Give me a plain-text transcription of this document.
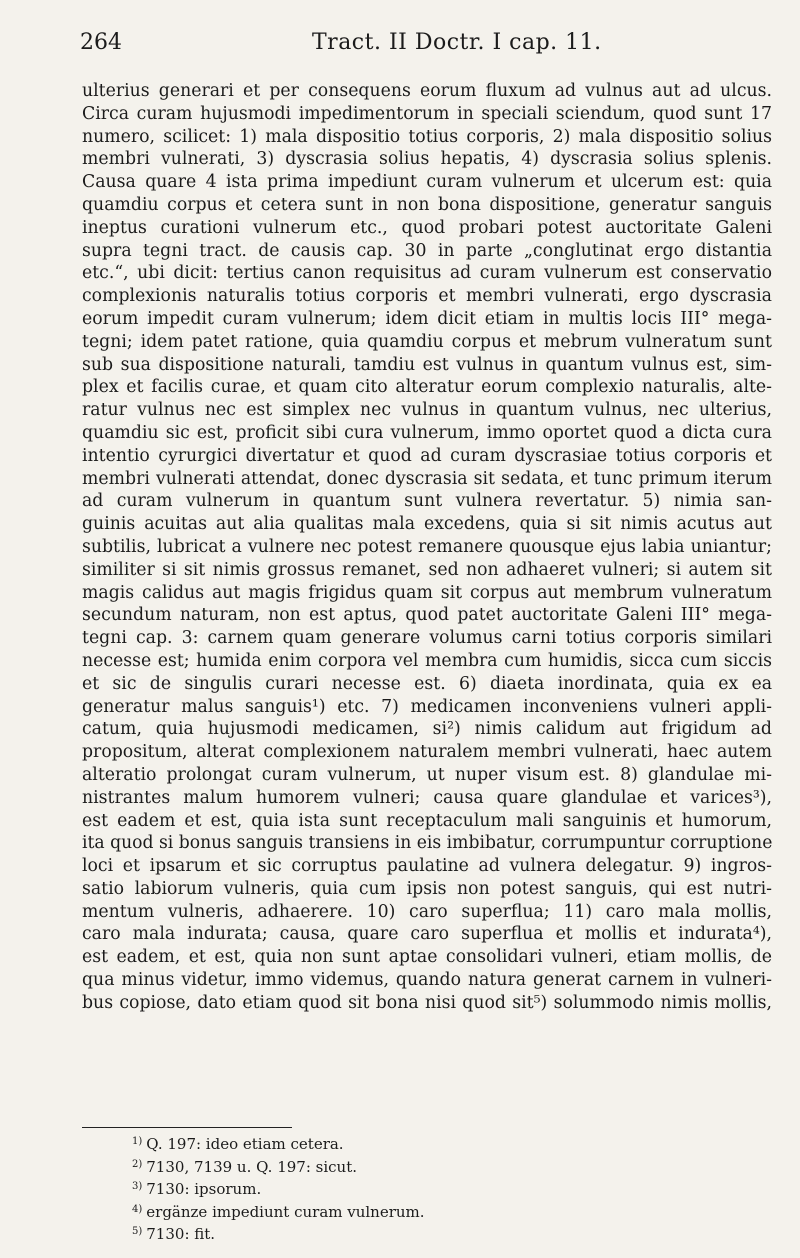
264	Tract. II Doctr. I cap. 11.
ulterius generari et per consequens eorum fluxum ad vulnus aut ad ulcus.
Circa curam hujusmodi impedimentorum in speciali sciendum, quod sunt 17
numero, scilicet: 1) mala dispositio totius corporis, 2) mala dispositio solius
membri vulnerati, 3) dyscrasia solius hepatis, 4) dyscrasia solius splenis.
Causa quare 4 ista prima impediunt curam vulnerum et ulcerum est: quia
quamdiu corpus et cetera sunt in non bona dispositione, generatur sanguis
ineptus curationi vulnerum etc., quod probari potest auctoritate Galeni
supra tegni tract. de causis cap. 30 in parte „conglutinat ergo distantia
etc.“, ubi dicit: tertius canon requisitus ad curam vulnerum est conservatio
complexionis naturalis totius corporis et membri vulnerati, ergo dyscrasia
eorum impedit curam vulnerum; idem dicit etiam in multis locis III° mega-
tegni; idem patet ratione, quia quamdiu corpus et mebrum vulneratum sunt
sub sua dispositione naturali, tamdiu est vulnus in quantum vulnus est, sim-
plex et facilis curae, et quam cito alteratur eorum complexio naturalis, alte-
ratur vulnus nec est simplex nec vulnus in quantum vulnus, nec ulterius,
quamdiu sic est, proficit sibi cura vulnerum, immo oportet quod a dicta cura
intentio cyrurgici divertatur et quod ad curam dyscrasiae totius corporis et
membri vulnerati attendat, donec dyscrasia sit sedata, et tunc primum iterum
ad curam vulnerum in quantum sunt vulnera revertatur. 5) nimia san-
guinis acuitas aut alia qualitas mala excedens, quia si sit nimis acutus aut
subtilis, lubricat a vulnere nec potest remanere quousque ejus labia uniantur;
similiter si sit nimis grossus remanet, sed non adhaeret vulneri; si autem sit
magis calidus aut magis frigidus quam sit corpus aut membrum vulneratum
secundum naturam, non est aptus, quod patet auctoritate Galeni III° mega-
tegni cap. 3: carnem quam generare volumus carni totius corporis similari
necesse est; humida enim corpora vel membra cum humidis, sicca cum siccis
et sic de singulis curari necesse est. 6) diaeta inordinata, quia ex ea
generatur malus sanguis¹) etc. 7) medicamen inconveniens vulneri appli-
catum, quia hujusmodi medicamen, si²) nimis calidum aut frigidum ad
propositum, alterat complexionem naturalem membri vulnerati, haec autem
alteratio prolongat curam vulnerum, ut nuper visum est. 8) glandulae mi-
nistrantes malum humorem vulneri; causa quare glandulae et varices³),
est eadem et est, quia ista sunt receptaculum mali sanguinis et humorum,
ita quod si bonus sanguis transiens in eis imbibatur, corrumpuntur corruptione
loci et ipsarum et sic corruptus paulatine ad vulnera delegatur. 9) ingros-
satio labiorum vulneris, quia cum ipsis non potest sanguis, qui est nutri-
mentum vulneris, adhaerere. 10) caro superflua; 11) caro mala mollis,
caro mala indurata; causa, quare caro superflua et mollis et indurata⁴),
est eadem, et est, quia non sunt aptae consolidari vulneri, etiam mollis, de
qua minus videtur, immo videmus, quando natura generat carnem in vulneri-
bus copiose, dato etiam quod sit bona nisi quod sit⁵) solummodo nimis mollis,
$^{1)}$ Q. 197: ideo etiam cetera.
$^{2)}$ 7130, 7139 u. Q. 197: sicut.
$^{3)}$ 7130: ipsorum.
$^{4)}$ ergänze impediunt curam vulnerum.
$^{5)}$ 7130: fit.
